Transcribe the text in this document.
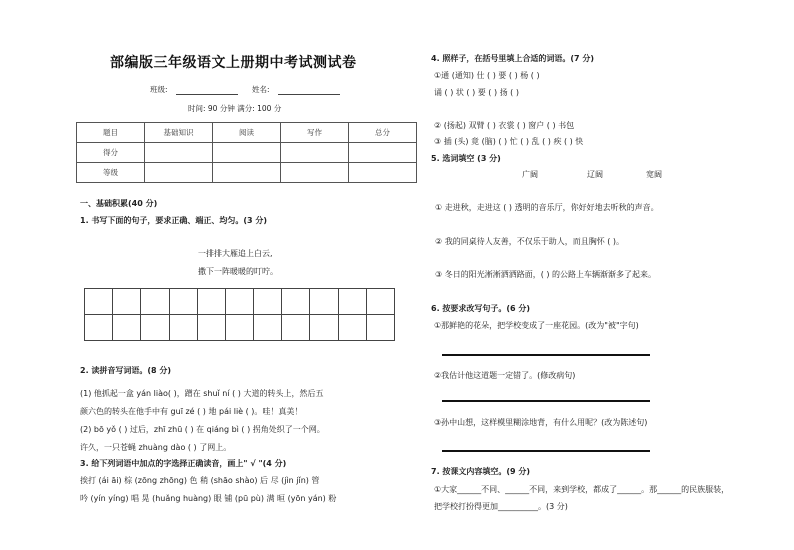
部编版三年级语文上册期中考试测试卷
班级:	姓名:
时间: 90 分钟 满分: 100 分
题目	基础知识	阅读	写作	总分
得分				
等级				
一、基础积累(40 分)
1. 书写下面的句子，要求正确、端正、均匀。(3 分)
一排排大雁追上白云,
撒下一阵暖暖的叮咛。

2. 读拼音写词语。(8 分)
(1) 他抓起一盒 yán liào( )，蹭在 shuǐ ní ( ) 大道的转头上，然后五
颜六色的转头在他手中有 guī zé ( ) 地 pái liè ( )。哇！真美！
(2) bō yǒ ( ) 过后，zhī zhū ( ) 在 qiáng bì ( ) 拐角处织了一个网。
许久，一只苍蝇 zhuàng dào ( ) 了网上。
3. 给下列词语中加点的字选择正确读音，画上" √ "(4 分)
挨打 (ái āi) 棕 (zōng zhōng) 色 稍 (shāo shào) 后 尽 (jìn jǐn) 管
吟 (yín yíng) 唱 晃 (huǎng huàng) 眼 铺 (pū pù) 满 晅 (yōn yán) 粉
4. 照样子，在括号里填上合适的词语。(7 分)
①通 (通知) 仕 ( ) 要 ( ) 杨 ( )
诵 ( ) 状 ( ) 要 ( ) 扬 ( )
② (扬起) 双臂 ( ) 衣裳 ( ) 窗户 ( ) 书包
③ 插 (头) 竟 (脑) ( ) 忙 ( ) 乱 ( ) 疾 ( ) 快
5. 选词填空 (3 分)
广阔	辽阔	宽阔
① 走进秋，走进这 ( ) 透明的音乐厅，你好好地去听秋的声音。
② 我的同桌待人友善，不仅乐于助人，而且胸怀 ( )。
③ 冬日的阳光淅淅洒洒路面，( ) 的公路上车辆渐渐多了起来。
6. 按要求改写句子。(6 分)
①那鲜艳的花朵，把学校变成了一座花园。(改为"被"字句)
②我估计他这道题一定错了。(修改病句)
③孙中山想，这样模里糊涂地背，有什么用呢？(改为陈述句)
7. 按课文内容填空。(9 分)
①大家______不同、______不同，来到学校，都成了______。那______的民族服装，
把学校打扮得更加__________。(3 分)
